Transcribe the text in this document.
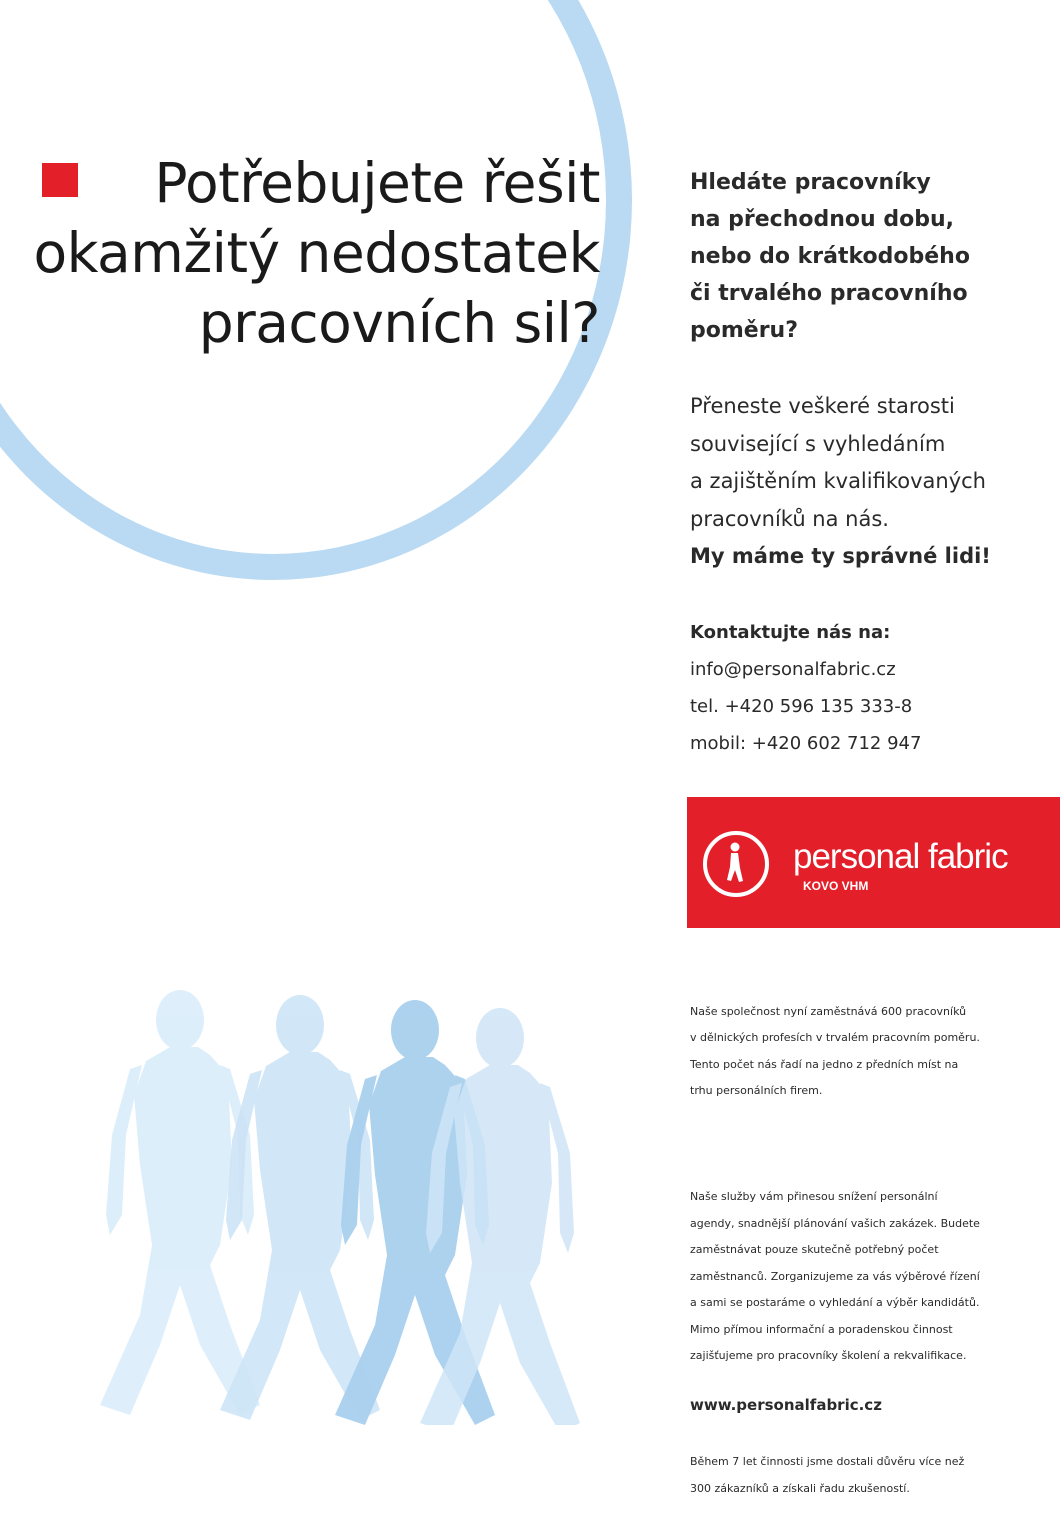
Potřebujete řešit
okamžitý nedostatek
pracovních sil?
Hledáte pracovníky
na přechodnou dobu,
nebo do krátkodobého
či trvalého pracovního
poměru?
Přeneste veškeré starosti
související s vyhledáním
a zajištěním kvalifikovaných
pracovníků na nás.
My máme ty správné lidi!
Kontaktujte nás na:
info@personalfabric.cz
tel. +420 596 135 333-8
mobil: +420 602 712 947
personal fabric
KOVO VHM

Naše společnost nyní zaměstnává 600 pracovníků
v dělnických profesích v trvalém pracovním poměru.
Tento počet nás řadí na jedno z předních míst na
trhu personálních firem.

Naše služby vám přinesou snížení personální
agendy, snadnější plánování vašich zakázek. Budete
zaměstnávat pouze skutečně potřebný počet
zaměstnanců. Zorganizujeme za vás výběrové řízení
a sami se postaráme o vyhledání a výběr kandidátů.
Mimo přímou informační a poradenskou činnost
zajišťujeme pro pracovníky školení a rekvalifikace.

Během 7 let činnosti jsme dostali důvěru více než
300 zákazníků a získali řadu zkušeností.

www.personalfabric.cz
